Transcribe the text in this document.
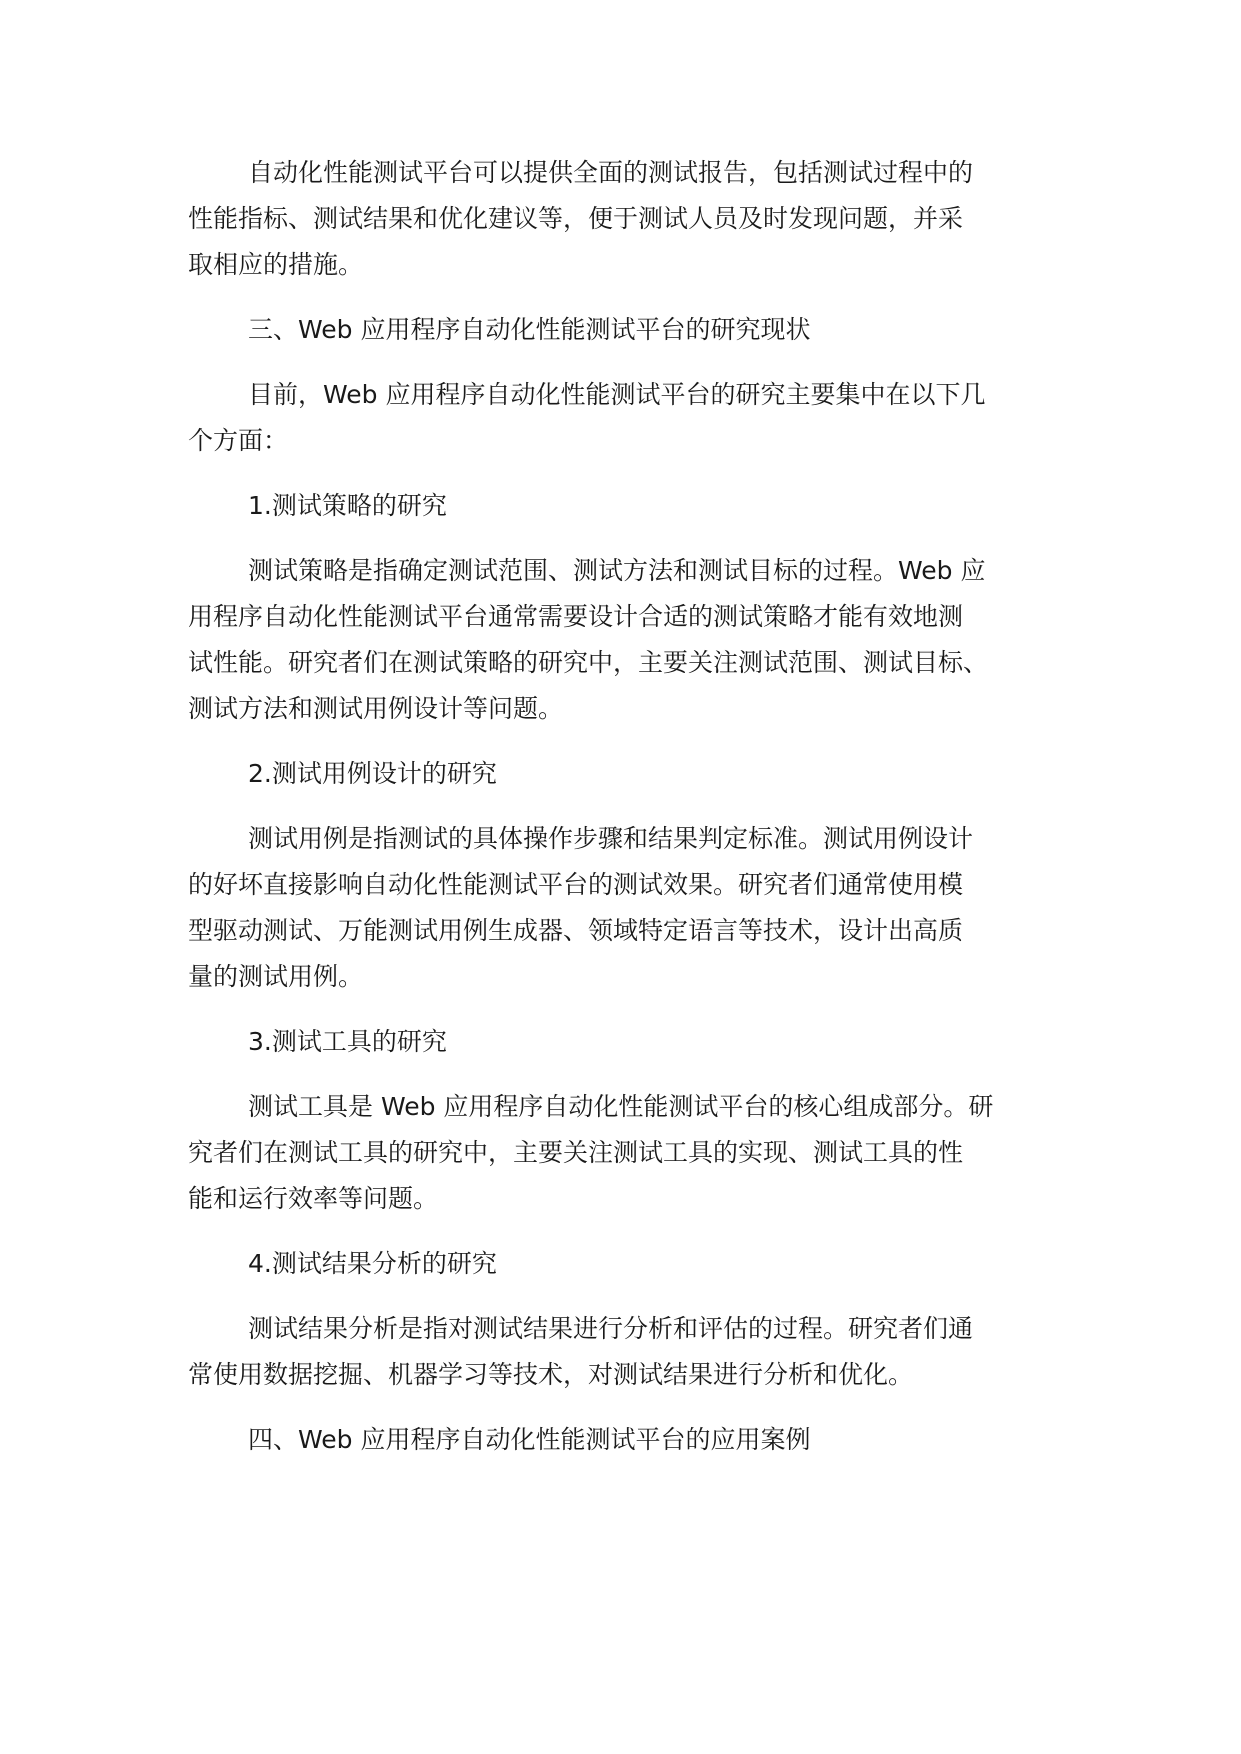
自动化性能测试平台可以提供全面的测试报告，包括测试过程中的
性能指标、测试结果和优化建议等，便于测试人员及时发现问题，并采
取相应的措施。

三、Web 应用程序自动化性能测试平台的研究现状

目前，Web 应用程序自动化性能测试平台的研究主要集中在以下几
个方面：

1.测试策略的研究

测试策略是指确定测试范围、测试方法和测试目标的过程。Web 应
用程序自动化性能测试平台通常需要设计合适的测试策略才能有效地测
试性能。研究者们在测试策略的研究中，主要关注测试范围、测试目标、
测试方法和测试用例设计等问题。

2.测试用例设计的研究

测试用例是指测试的具体操作步骤和结果判定标准。测试用例设计
的好坏直接影响自动化性能测试平台的测试效果。研究者们通常使用模
型驱动测试、万能测试用例生成器、领域特定语言等技术，设计出高质
量的测试用例。

3.测试工具的研究

测试工具是 Web 应用程序自动化性能测试平台的核心组成部分。研
究者们在测试工具的研究中，主要关注测试工具的实现、测试工具的性
能和运行效率等问题。

4.测试结果分析的研究

测试结果分析是指对测试结果进行分析和评估的过程。研究者们通
常使用数据挖掘、机器学习等技术，对测试结果进行分析和优化。

四、Web 应用程序自动化性能测试平台的应用案例
